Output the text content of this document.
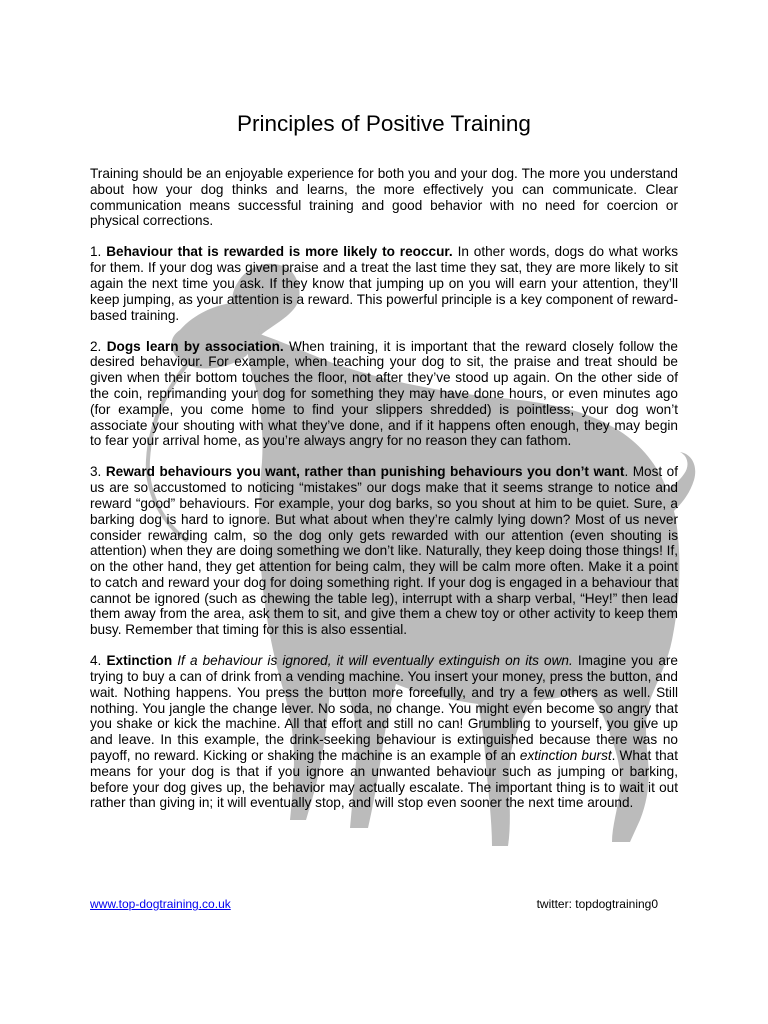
Principles of Positive Training

Training should be an enjoyable experience for both you and your dog. The more you understand about how your dog thinks and learns, the more effectively you can communicate. Clear communication means successful training and good behavior with no need for coercion or physical corrections.

1. Behaviour that is rewarded is more likely to reoccur. In other words, dogs do what works for them. If your dog was given praise and a treat the last time they sat, they are more likely to sit again the next time you ask. If they know that jumping up on you will earn your attention, they’ll keep jumping, as your attention is a reward. This powerful principle is a key component of reward-based training.

2. Dogs learn by association. When training, it is important that the reward closely follow the desired behaviour. For example, when teaching your dog to sit, the praise and treat should be given when their bottom touches the floor, not after they’ve stood up again. On the other side of the coin, reprimanding your dog for something they may have done hours, or even minutes ago (for example, you come home to find your slippers shredded) is pointless; your dog won’t associate your shouting with what they’ve done, and if it happens often enough, they may begin to fear your arrival home, as you’re always angry for no reason they can fathom.

3. Reward behaviours you want, rather than punishing behaviours you don’t want. Most of us are so accustomed to noticing “mistakes” our dogs make that it seems strange to notice and reward “good” behaviours. For example, your dog barks, so you shout at him to be quiet. Sure, a barking dog is hard to ignore. But what about when they’re calmly lying down? Most of us never consider rewarding calm, so the dog only gets rewarded with our attention (even shouting is attention) when they are doing something we don’t like. Naturally, they keep doing those things! If, on the other hand, they get attention for being calm, they will be calm more often. Make it a point to catch and reward your dog for doing something right. If your dog is engaged in a behaviour that cannot be ignored (such as chewing the table leg), interrupt with a sharp verbal, “Hey!” then lead them away from the area, ask them to sit, and give them a chew toy or other activity to keep them busy. Remember that timing for this is also essential.

4. Extinction If a behaviour is ignored, it will eventually extinguish on its own. Imagine you are trying to buy a can of drink from a vending machine. You insert your money, press the button, and wait. Nothing happens. You press the button more forcefully, and try a few others as well. Still nothing. You jangle the change lever. No soda, no change. You might even become so angry that you shake or kick the machine. All that effort and still no can! Grumbling to yourself, you give up and leave. In this example, the drink-seeking behaviour is extinguished because there was no payoff, no reward. Kicking or shaking the machine is an example of an extinction burst. What that means for your dog is that if you ignore an unwanted behaviour such as jumping or barking, before your dog gives up, the behavior may actually escalate. The important thing is to wait it out rather than giving in; it will eventually stop, and will stop even sooner the next time around.

www.top-dogtraining.co.uk	twitter: topdogtraining0
